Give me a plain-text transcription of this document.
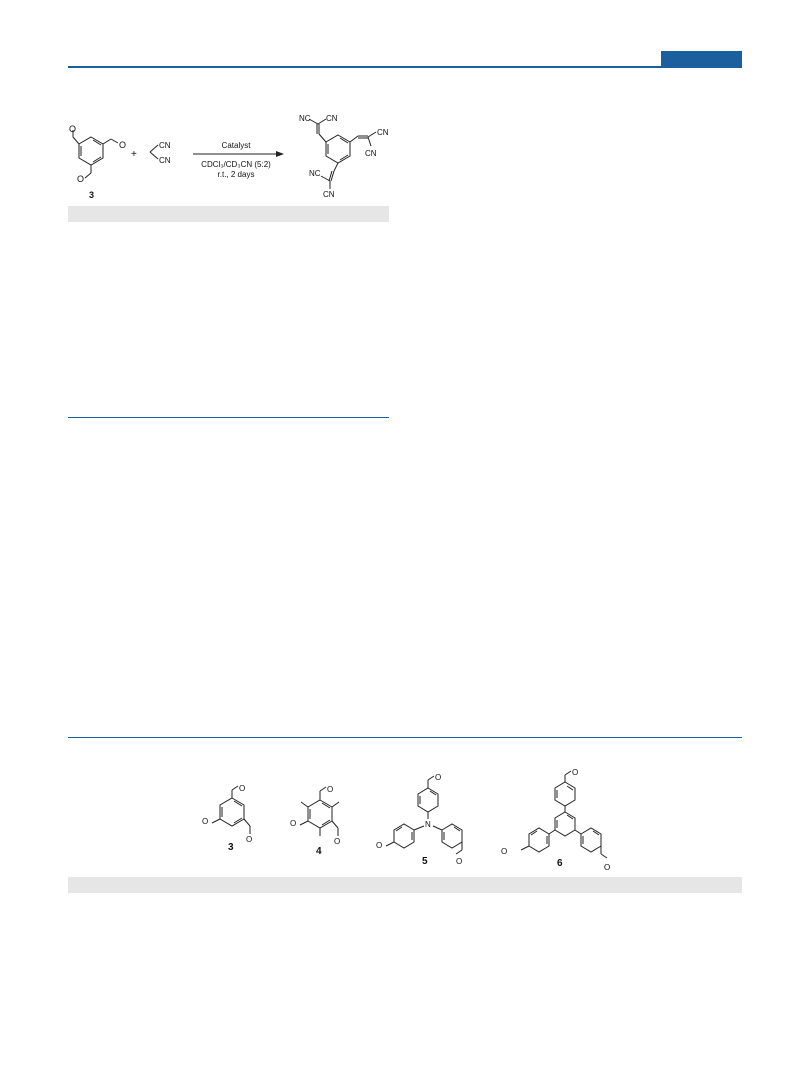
O
O
O
3
+
CN
CN
Catalyst
CDCl₃/CD₃CN (5:2)
r.t., 2 days
NC CN
CN
CN
NC
CN
O
O
O
3
O
O
O
4
O
N
O
O
5
O
O
O
6
